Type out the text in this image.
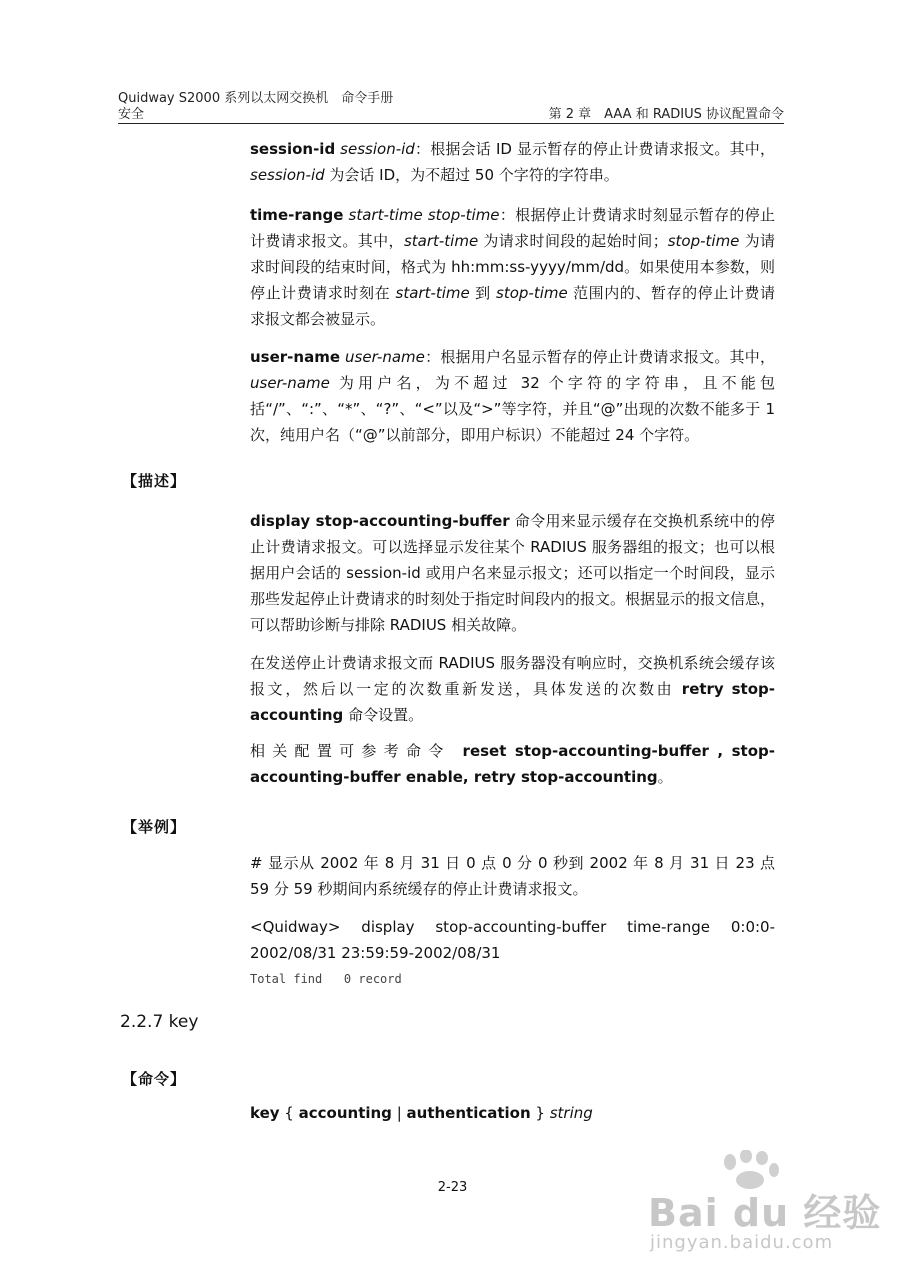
Quidway S2000 系列以太网交换机　命令手册
安全	第 2 章　AAA 和 RADIUS 协议配置命令
session-id session-id：根据会话 ID 显示暂存的停止计费请求报文。其中，session-id 为会话 ID，为不超过 50 个字符的字符串。
time-range start-time stop-time：根据停止计费请求时刻显示暂存的停止计费请求报文。其中，start-time 为请求时间段的起始时间；stop-time 为请求时间段的结束时间，格式为 hh:mm:ss-yyyy/mm/dd。如果使用本参数，则停止计费请求时刻在 start-time 到 stop-time 范围内的、暂存的停止计费请求报文都会被显示。
user-name user-name：根据用户名显示暂存的停止计费请求报文。其中，user-name 为用户名，为不超过 32 个字符的字符串，且不能包括“/”、“:”、“*”、“?”、“<”以及“>”等字符，并且“@”出现的次数不能多于 1 次，纯用户名（“@”以前部分，即用户标识）不能超过 24 个字符。
【描述】
display stop-accounting-buffer 命令用来显示缓存在交换机系统中的停止计费请求报文。可以选择显示发往某个 RADIUS 服务器组的报文；也可以根据用户会话的 session-id 或用户名来显示报文；还可以指定一个时间段，显示那些发起停止计费请求的时刻处于指定时间段内的报文。根据显示的报文信息，可以帮助诊断与排除 RADIUS 相关故障。
在发送停止计费请求报文而 RADIUS 服务器没有响应时，交换机系统会缓存该报文，然后以一定的次数重新发送，具体发送的次数由 retry stop-accounting 命令设置。
相关配置可参考命令 reset stop-accounting-buffer , stop-accounting-buffer enable, retry stop-accounting。
【举例】
# 显示从 2002 年 8 月 31 日 0 点 0 分 0 秒到 2002 年 8 月 31 日 23 点 59 分 59 秒期间内系统缓存的停止计费请求报文。
<Quidway> display stop-accounting-buffer time-range 0:0:0-2002/08/31 23:59:59-2002/08/31
Total find   0 record
2.2.7 key
【命令】
key { accounting | authentication } string
2-23
Bai du 经验
jingyan.baidu.com
